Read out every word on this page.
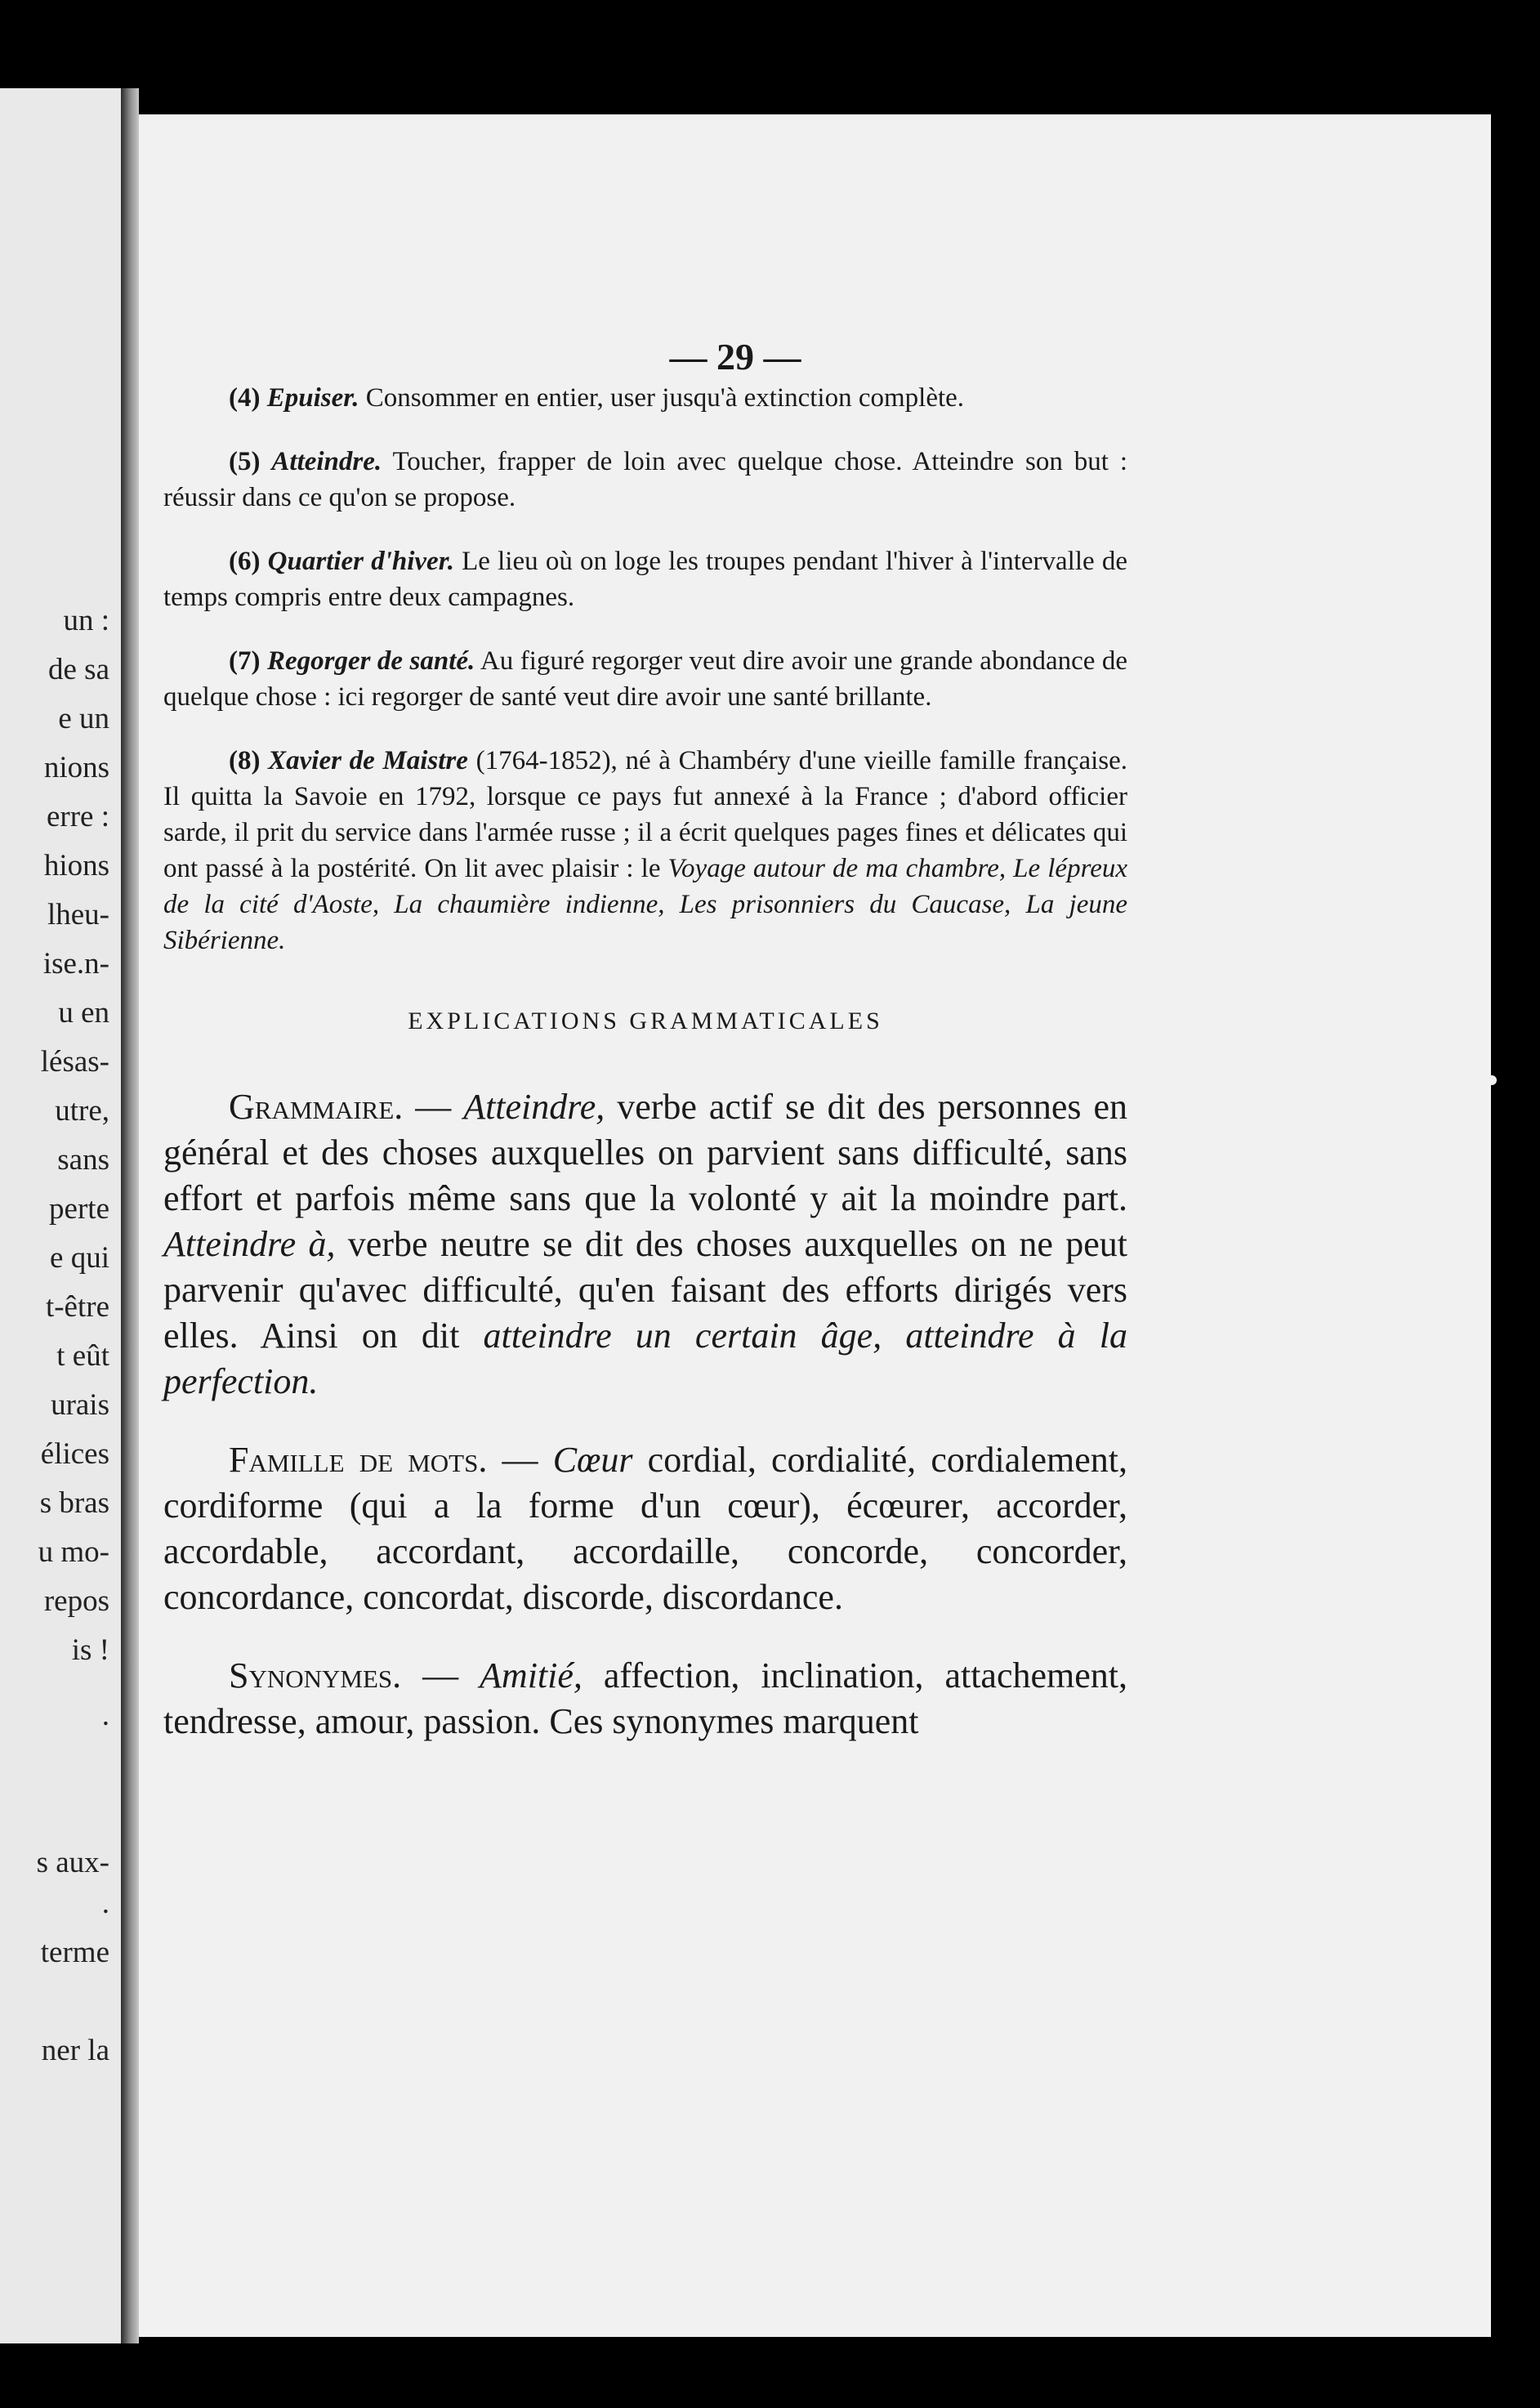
un :
de sa
e un
nions
erre :
hions
lheu-
ise.n-
u en
lésas-
utre,
sans
perte
e qui
t-être
t eût
urais
élices
s bras
u mo-
repos
is !
.
s aux-
.
terme
ner la
— 29 —

(4) Epuiser. Consommer en entier, user jusqu'à extinction complète.

(5) Atteindre. Toucher, frapper de loin avec quelque chose. Atteindre son but : réussir dans ce qu'on se propose.

(6) Quartier d'hiver. Le lieu où on loge les troupes pendant l'hiver à l'intervalle de temps compris entre deux campagnes.

(7) Regorger de santé. Au figuré regorger veut dire avoir une grande abondance de quelque chose : ici regorger de santé veut dire avoir une santé brillante.

(8) Xavier de Maistre (1764-1852), né à Chambéry d'une vieille famille française. Il quitta la Savoie en 1792, lorsque ce pays fut annexé à la France ; d'abord officier sarde, il prit du service dans l'armée russe ; il a écrit quelques pages fines et délicates qui ont passé à la postérité. On lit avec plaisir : le Voyage autour de ma chambre, Le lépreux de la cité d'Aoste, La chaumière indienne, Les prisonniers du Caucase, La jeune Sibérienne.

EXPLICATIONS GRAMMATICALES

Grammaire. — Atteindre, verbe actif se dit des personnes en général et des choses auxquelles on parvient sans difficulté, sans effort et parfois même sans que la volonté y ait la moindre part. Atteindre à, verbe neutre se dit des choses auxquelles on ne peut parvenir qu'avec difficulté, qu'en faisant des efforts dirigés vers elles. Ainsi on dit atteindre un certain âge, atteindre à la perfection.

Famille de mots. — Cœur cordial, cordialité, cordialement, cordiforme (qui a la forme d'un cœur), écœurer, accorder, accordable, accordant, accordaille, concorde, concorder, concordance, concordat, discorde, discordance.

Synonymes. — Amitié, affection, inclination, attachement, tendresse, amour, passion. Ces synonymes marquent
